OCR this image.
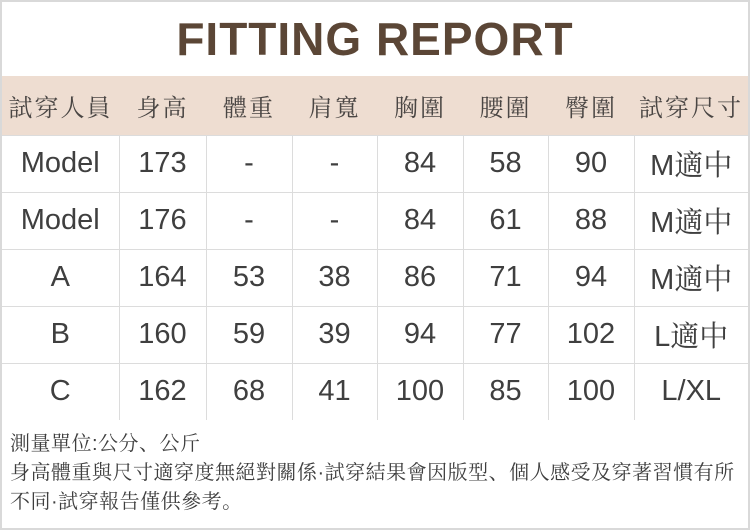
FITTING REPORT
試穿人員	身高	體重	肩寬	胸圍	腰圍	臀圍	試穿尺寸
Model	173	-	-	84	58	90	M適中
Model	176	-	-	84	61	88	M適中
A	164	53	38	86	71	94	M適中
B	160	59	39	94	77	102	L適中
C	162	68	41	100	85	100	L/XL

測量單位:公分、公斤

身高體重與尺寸適穿度無絕對關係·試穿結果會因版型、個人感受及穿著習慣有所不同·試穿報告僅供參考。
